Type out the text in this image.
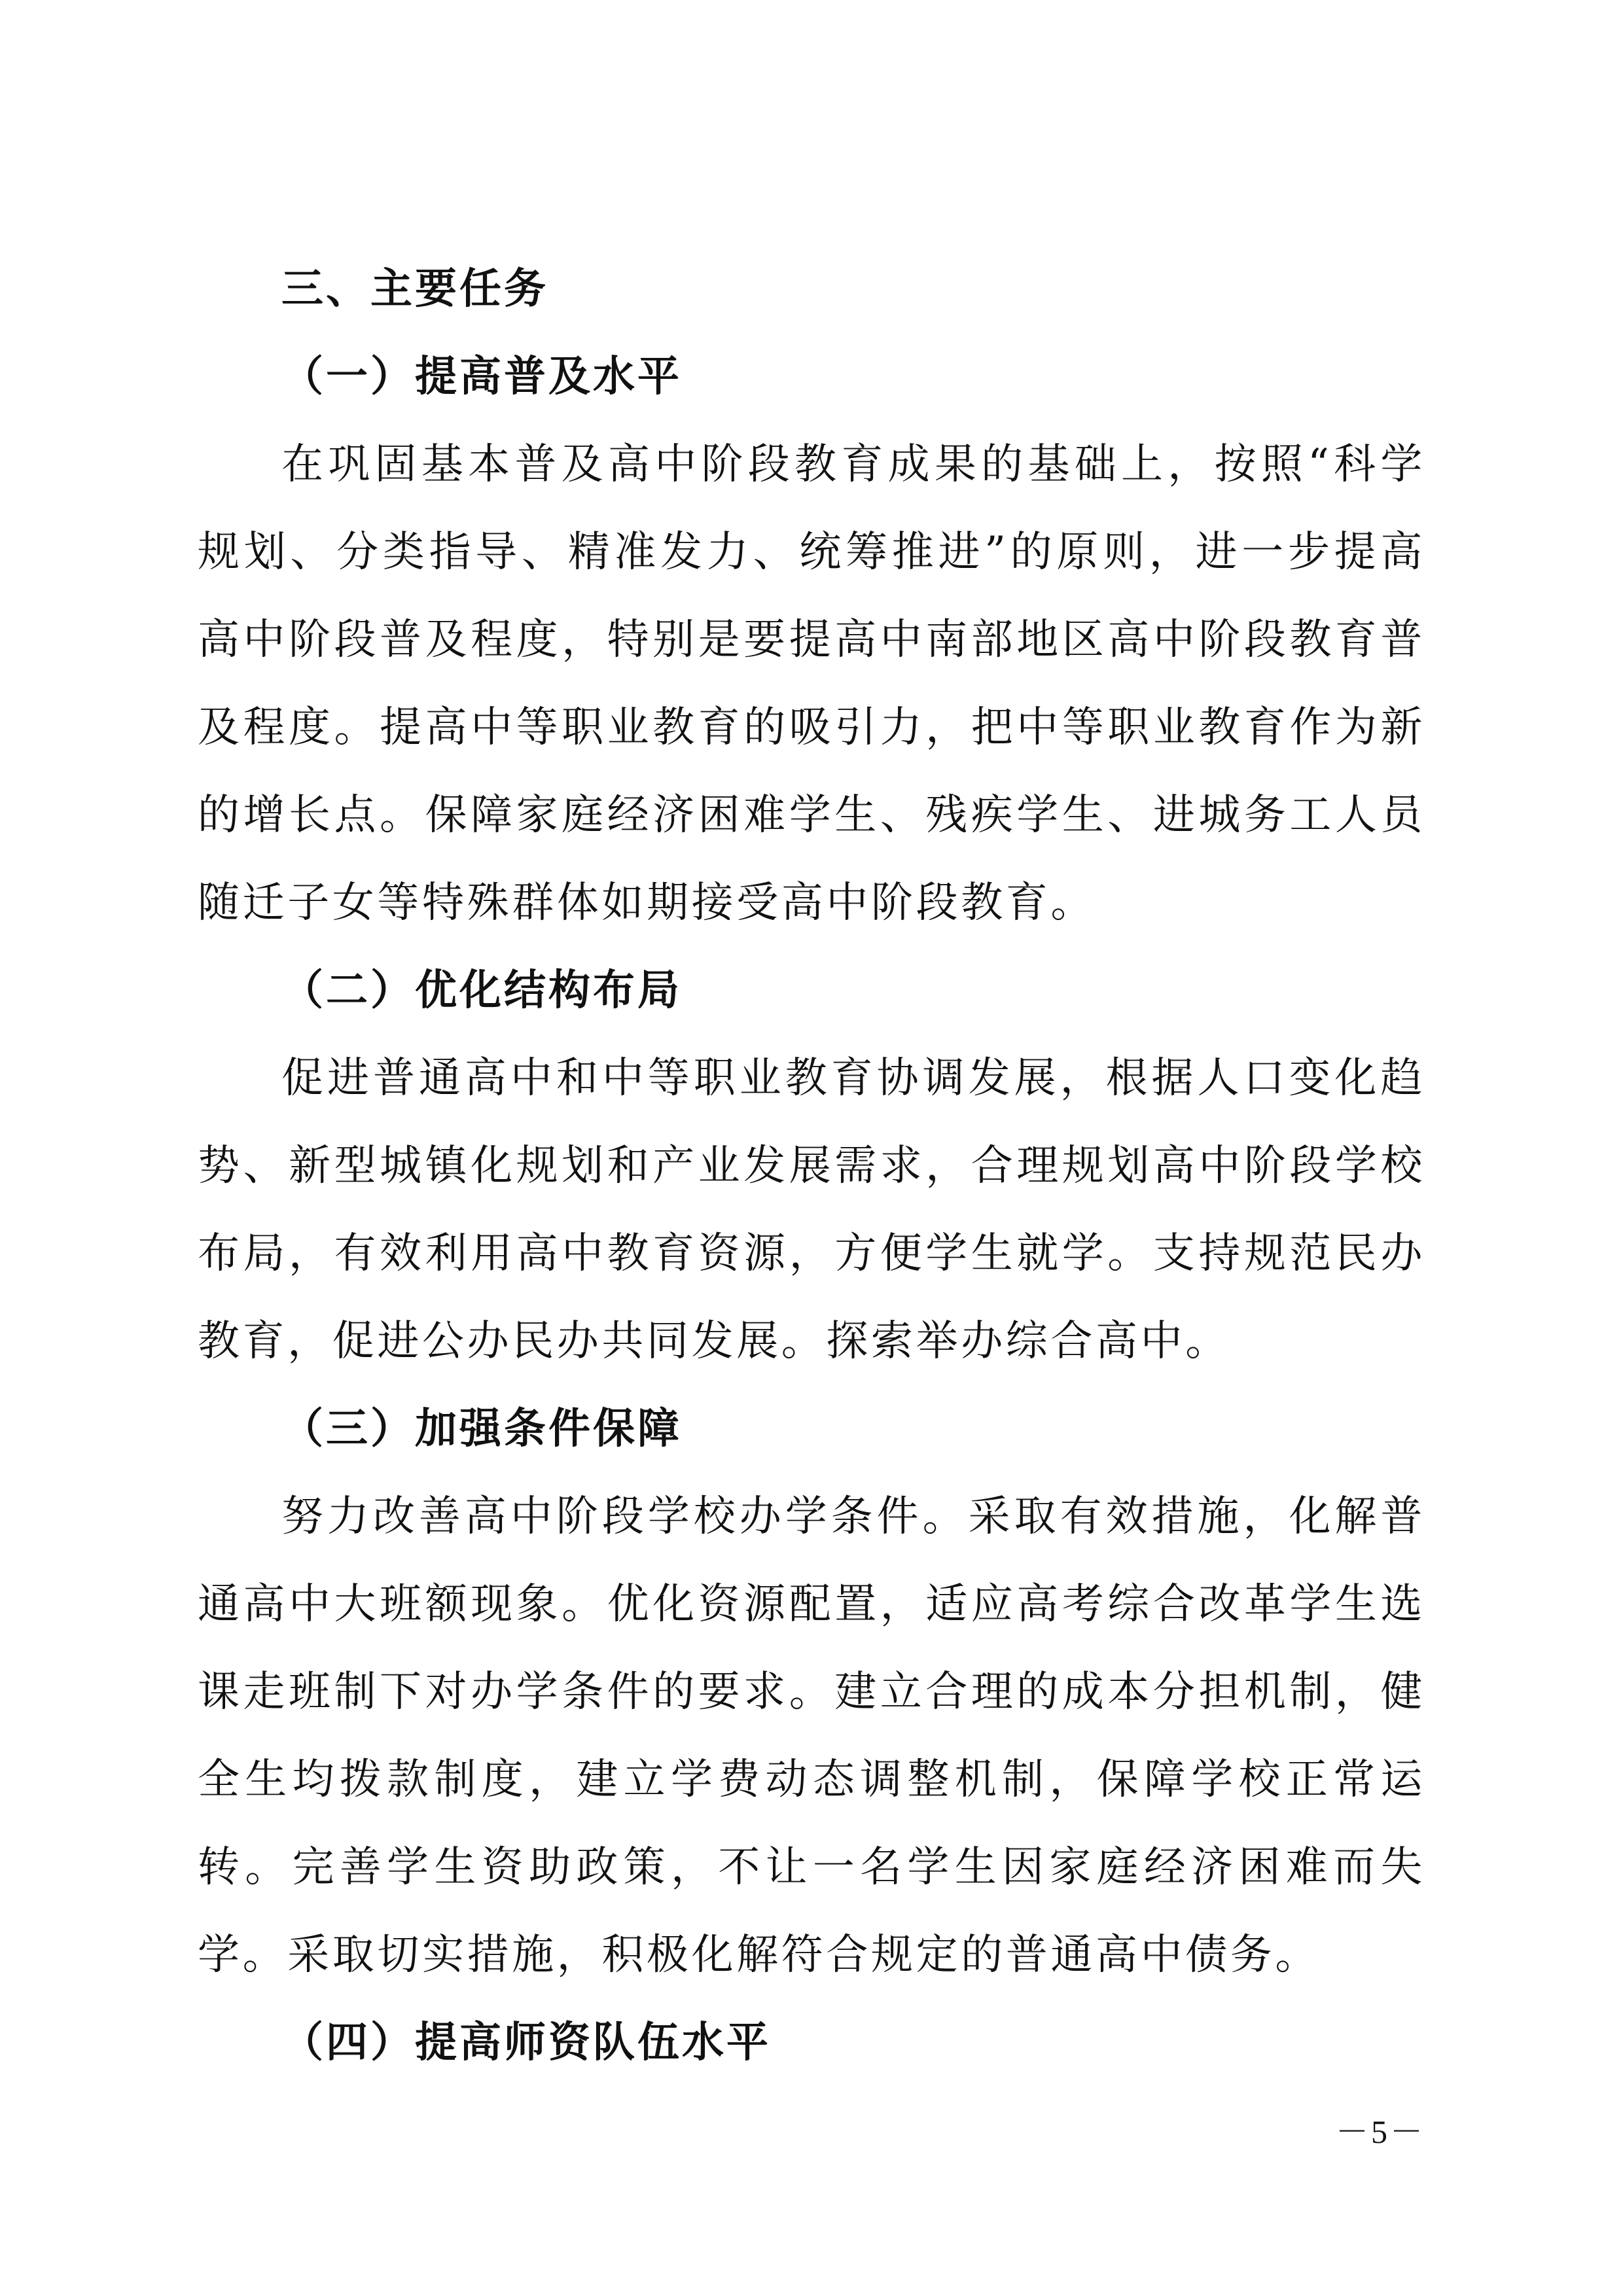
三、主要任务
（一）提高普及水平

在巩固基本普及高中阶段教育成果的基础上，按照“科学规划、分类指导、精准发力、统筹推进”的原则，进一步提高高中阶段普及程度，特别是要提高中南部地区高中阶段教育普及程度。提高中等职业教育的吸引力，把中等职业教育作为新的增长点。保障家庭经济困难学生、残疾学生、进城务工人员随迁子女等特殊群体如期接受高中阶段教育。

（二）优化结构布局

促进普通高中和中等职业教育协调发展，根据人口变化趋势、新型城镇化规划和产业发展需求，合理规划高中阶段学校布局，有效利用高中教育资源，方便学生就学。支持规范民办教育，促进公办民办共同发展。探索举办综合高中。

（三）加强条件保障

努力改善高中阶段学校办学条件。采取有效措施，化解普通高中大班额现象。优化资源配置，适应高考综合改革学生选课走班制下对办学条件的要求。建立合理的成本分担机制，健全生均拨款制度，建立学费动态调整机制，保障学校正常运转。完善学生资助政策，不让一名学生因家庭经济困难而失学。采取切实措施，积极化解符合规定的普通高中债务。

（四）提高师资队伍水平
－5－
